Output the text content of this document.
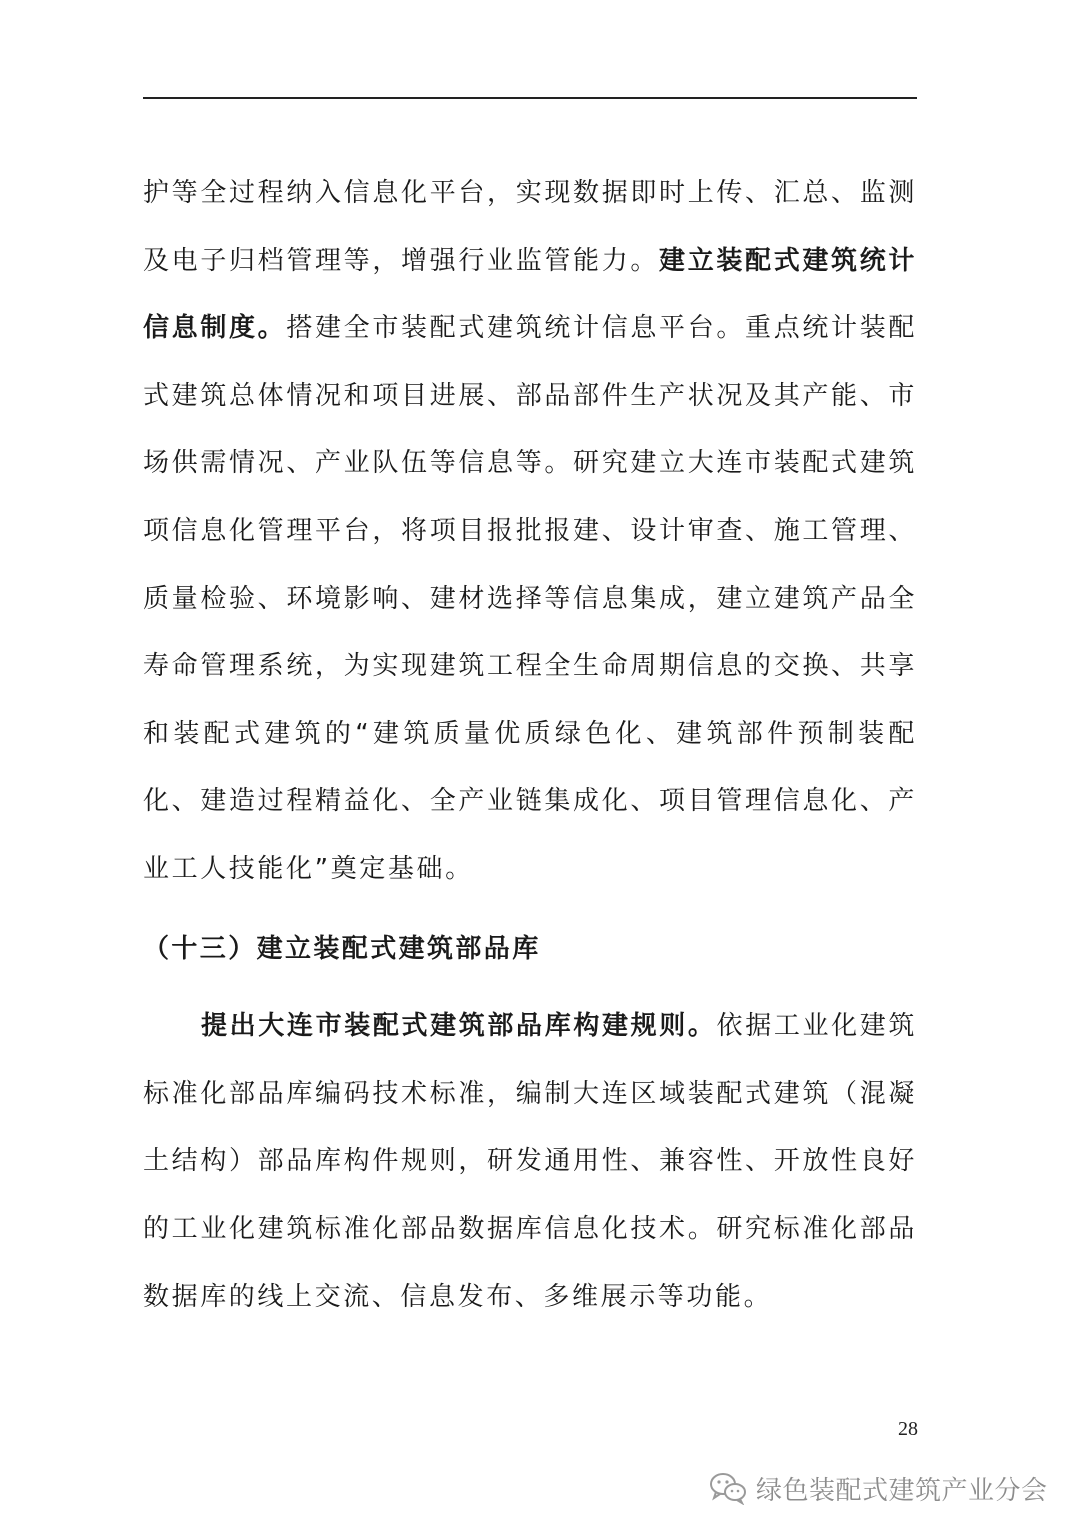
护等全过程纳入信息化平台，实现数据即时上传、汇总、监测及电子归档管理等，增强行业监管能力。建立装配式建筑统计信息制度。搭建全市装配式建筑统计信息平台。重点统计装配式建筑总体情况和项目进展、部品部件生产状况及其产能、市场供需情况、产业队伍等信息等。研究建立大连市装配式建筑项信息化管理平台，将项目报批报建、设计审查、施工管理、质量检验、环境影响、建材选择等信息集成，建立建筑产品全寿命管理系统，为实现建筑工程全生命周期信息的交换、共享和装配式建筑的“建筑质量优质绿色化、建筑部件预制装配化、建造过程精益化、全产业链集成化、项目管理信息化、产业工人技能化”奠定基础。

（十三）建立装配式建筑部品库

提出大连市装配式建筑部品库构建规则。依据工业化建筑标准化部品库编码技术标准，编制大连区域装配式建筑（混凝土结构）部品库构件规则，研发通用性、兼容性、开放性良好的工业化建筑标准化部品数据库信息化技术。研究标准化部品数据库的线上交流、信息发布、多维展示等功能。

28
绿色装配式建筑产业分会
